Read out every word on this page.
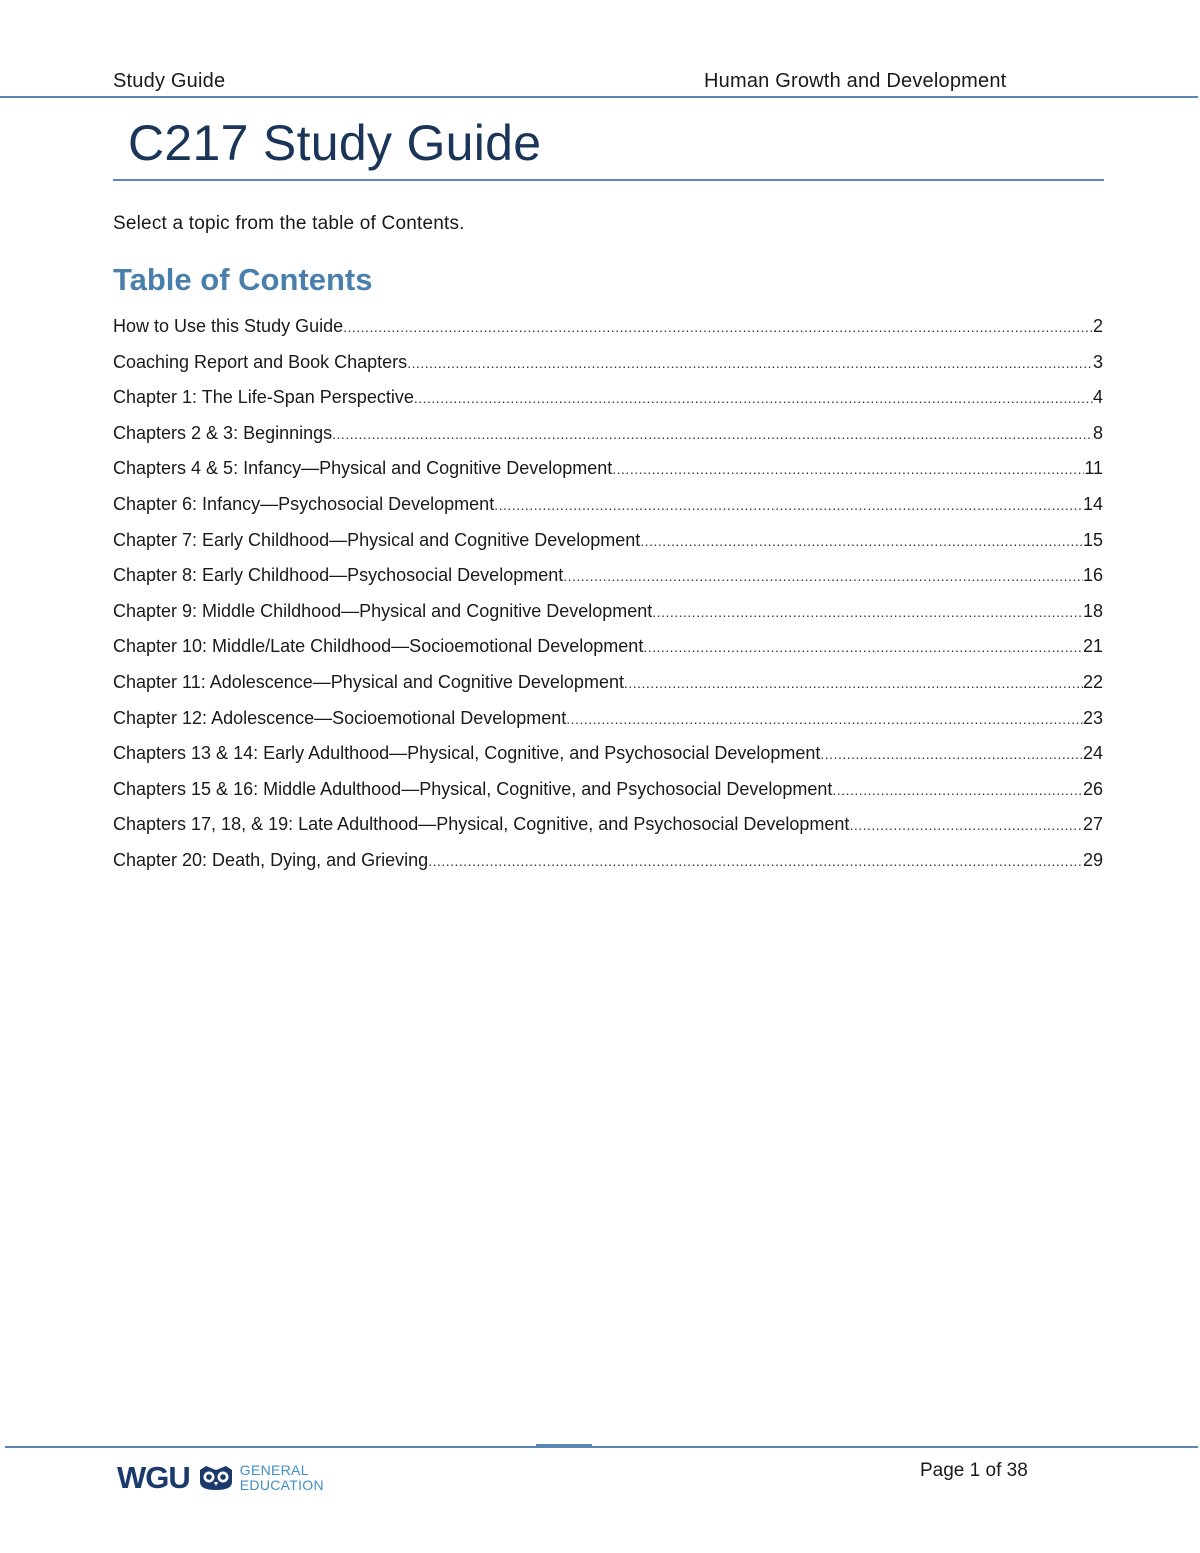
Study Guide	Human Growth and Development
C217 Study Guide
Select a topic from the table of Contents.
Table of Contents
How to Use this Study Guide .....	2
Coaching Report and Book Chapters .....	3
Chapter 1: The Life-Span Perspective .....	4
Chapters 2 & 3: Beginnings .....	8
Chapters 4 & 5: Infancy—Physical and Cognitive Development .....	11
Chapter 6: Infancy—Psychosocial Development .....	14
Chapter 7: Early Childhood—Physical and Cognitive Development .....	15
Chapter 8: Early Childhood—Psychosocial Development .....	16
Chapter 9: Middle Childhood—Physical and Cognitive Development .....	18
Chapter 10: Middle/Late Childhood—Socioemotional Development .....	21
Chapter 11: Adolescence—Physical and Cognitive Development .....	22
Chapter 12: Adolescence—Socioemotional Development .....	23
Chapters 13 & 14: Early Adulthood—Physical, Cognitive, and Psychosocial Development .....	24
Chapters 15 & 16: Middle Adulthood—Physical, Cognitive, and Psychosocial Development .....	26
Chapters 17, 18, & 19: Late Adulthood—Physical, Cognitive, and Psychosocial Development .....	27
Chapter 20: Death, Dying, and Grieving .....	29
WGU	GENERAL
EDUCATION
Page 1 of 38
